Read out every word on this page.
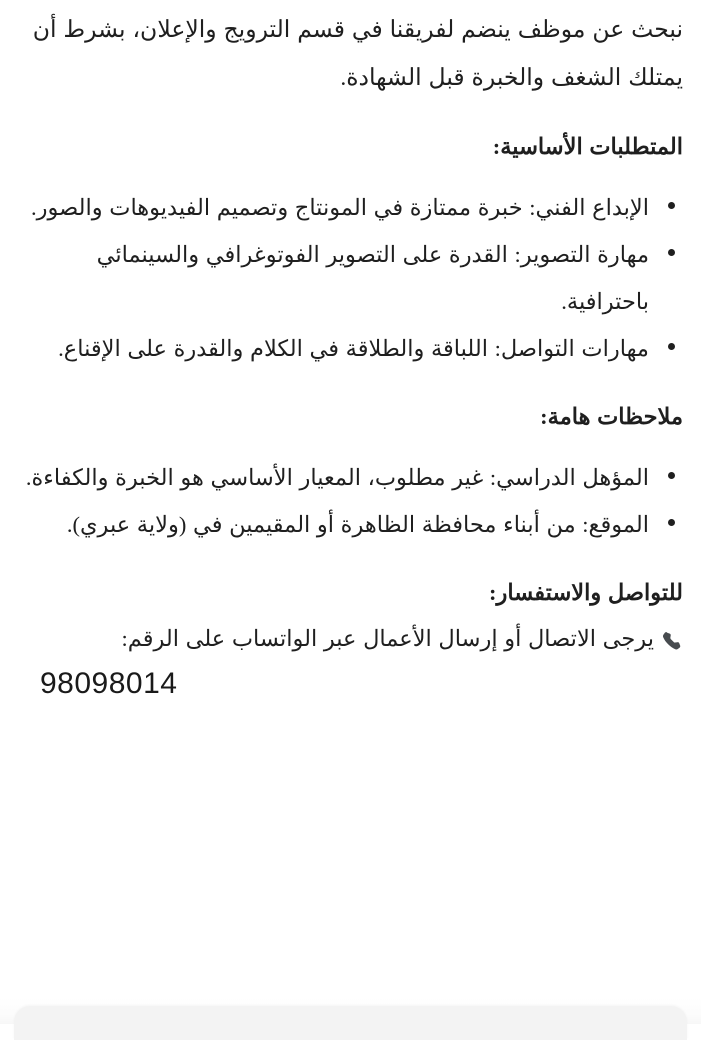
نبحث عن موظف ينضم لفريقنا في قسم الترويج والإعلان، بشرط أن يمتلك الشغف والخبرة قبل الشهادة.

المتطلبات الأساسية:
الإبداع الفني: خبرة ممتازة في المونتاج وتصميم الفيديوهات والصور.
مهارة التصوير: القدرة على التصوير الفوتوغرافي والسينمائي باحترافية.
مهارات التواصل: اللباقة والطلاقة في الكلام والقدرة على الإقناع.
ملاحظات هامة:
المؤهل الدراسي: غير مطلوب، المعيار الأساسي هو الخبرة والكفاءة.
الموقع: من أبناء محافظة الظاهرة أو المقيمين في (ولاية عبري).
للتواصل والاستفسار:
يرجى الاتصال أو إرسال الأعمال عبر الواتساب على الرقم:
98098014
